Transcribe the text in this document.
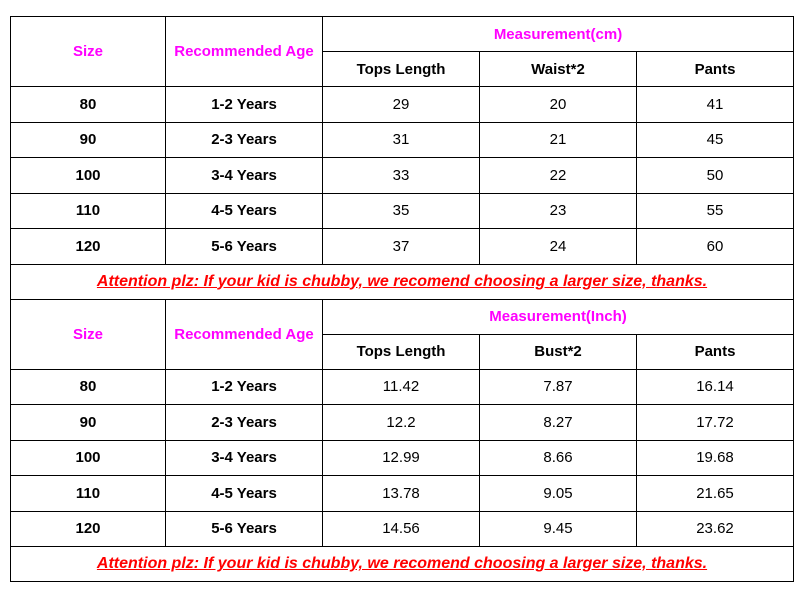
Size	Recommended Age	Measurement(cm)		
		Tops Length	Waist*2	Pants
80	1-2 Years	29	20	41
90	2-3 Years	31	21	45
100	3-4 Years	33	22	50
110	4-5 Years	35	23	55
120	5-6 Years	37	24	60
Attention plz: If your kid is chubby, we recomend choosing a larger size, thanks.				
Size	Recommended Age	Measurement(Inch)		
		Tops Length	Bust*2	Pants
80	1-2 Years	11.42	7.87	16.14
90	2-3 Years	12.2	8.27	17.72
100	3-4 Years	12.99	8.66	19.68
110	4-5 Years	13.78	9.05	21.65
120	5-6 Years	14.56	9.45	23.62
Attention plz: If your kid is chubby, we recomend choosing a larger size, thanks.				
